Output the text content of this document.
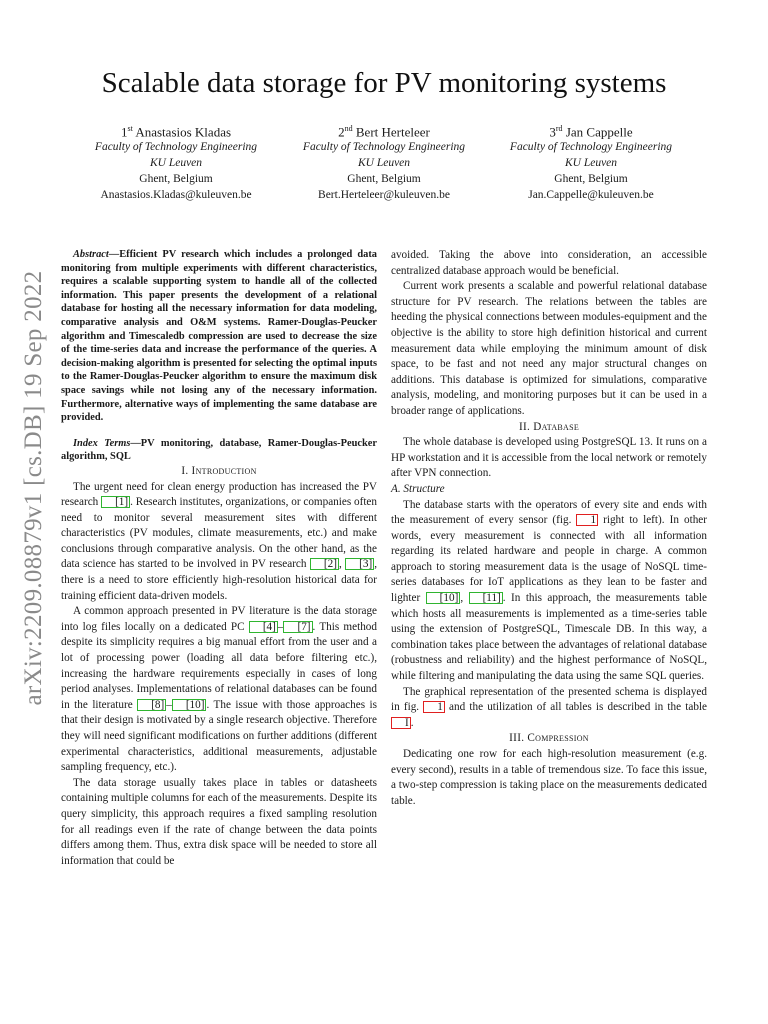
arXiv:2209.08879v1 [cs.DB] 19 Sep 2022
Scalable data storage for PV monitoring systems
1st Anastasios Kladas
Faculty of Technology Engineering
KU Leuven
Ghent, Belgium
Anastasios.Kladas@kuleuven.be
2nd Bert Herteleer
Faculty of Technology Engineering
KU Leuven
Ghent, Belgium
Bert.Herteleer@kuleuven.be
3rd Jan Cappelle
Faculty of Technology Engineering
KU Leuven
Ghent, Belgium
Jan.Cappelle@kuleuven.be

Abstract—Efficient PV research which includes a prolonged data monitoring from multiple experiments with different characteristics, requires a scalable supporting system to handle all of the collected information. This paper presents the development of a relational database for hosting all the necessary information for data modeling, comparative analysis and O&M systems. Ramer-Douglas-Peucker algorithm and Timescaledb compression are used to decrease the size of the time-series data and increase the performance of the queries. A decision-making algorithm is presented for selecting the optimal inputs to the Ramer-Douglas-Peucker algorithm to ensure the maximum disk space savings while not losing any of the necessary information. Furthermore, alternative ways of implementing the same database are provided.

Index Terms—PV monitoring, database, Ramer-Douglas-Peucker algorithm, SQL

I. Introduction

The urgent need for clean energy production has increased the PV research [1] . Research institutes, organizations, or companies often need to monitor several measurement sites with different characteristics (PV modules, climate measurements, etc.) and make conclusions through comparative analysis. On the other hand, as the data science has started to be involved in PV research [2] , [3] , there is a need to store efficiently high-resolution historical data for training efficient data-driven models.

A common approach presented in PV literature is the data storage into log files locally on a dedicated PC [4] – [7] . This method despite its simplicity requires a big manual effort from the user and a lot of processing power (loading all data before filtering etc.), increasing the hardware requirements especially in cases of long period analyses. Implementations of relational databases can be found in the literature [8] – [10] . The issue with those approaches is that their design is motivated by a single research objective. Therefore they will need significant modifications on further additions (different experimental characteristics, additional measurements, adjustable sampling frequency, etc.).

The data storage usually takes place in tables or datasheets containing multiple columns for each of the measurements. Despite its query simplicity, this approach requires a fixed sampling resolution for all readings even if the rate of change between the data points differs among them. Thus, extra disk space will be needed to store all information that could be

avoided. Taking the above into consideration, an accessible centralized database approach would be beneficial.

Current work presents a scalable and powerful relational database structure for PV research. The relations between the tables are heeding the physical connections between modules-equipment and the objective is the ability to store high definition historical and current measurement data while employing the minimum amount of disk space, to be fast and not need any major structural changes on additions. This database is optimized for simulations, comparative analysis, modeling, and monitoring purposes but it can be used in a broader range of applications.

II. Database

The whole database is developed using PostgreSQL 13. It runs on a HP workstation and it is accessible from the local network or remotely after VPN connection.

A. Structure

The database starts with the operators of every site and ends with the measurement of every sensor (fig. 1 right to left). In other words, every measurement is connected with all information regarding its related hardware and people in charge. A common approach to storing measurement data is the usage of NoSQL time-series databases for IoT applications as they lean to be faster and lighter [10] , [11] . In this approach, the measurements table which hosts all measurements is implemented as a time-series table using the extension of PostgreSQL, Timescale DB. In this way, a combination takes place between the advantages of relational database (robustness and reliability) and the highest performance of NoSQL, while filtering and manipulating the data using the same SQL queries.

The graphical representation of the presented schema is displayed in fig. 1 and the utilization of all tables is described in the table I .

III. Compression

Dedicating one row for each high-resolution measurement (e.g. every second), results in a table of tremendous size. To face this issue, a two-step compression is taking place on the measurements dedicated table.
